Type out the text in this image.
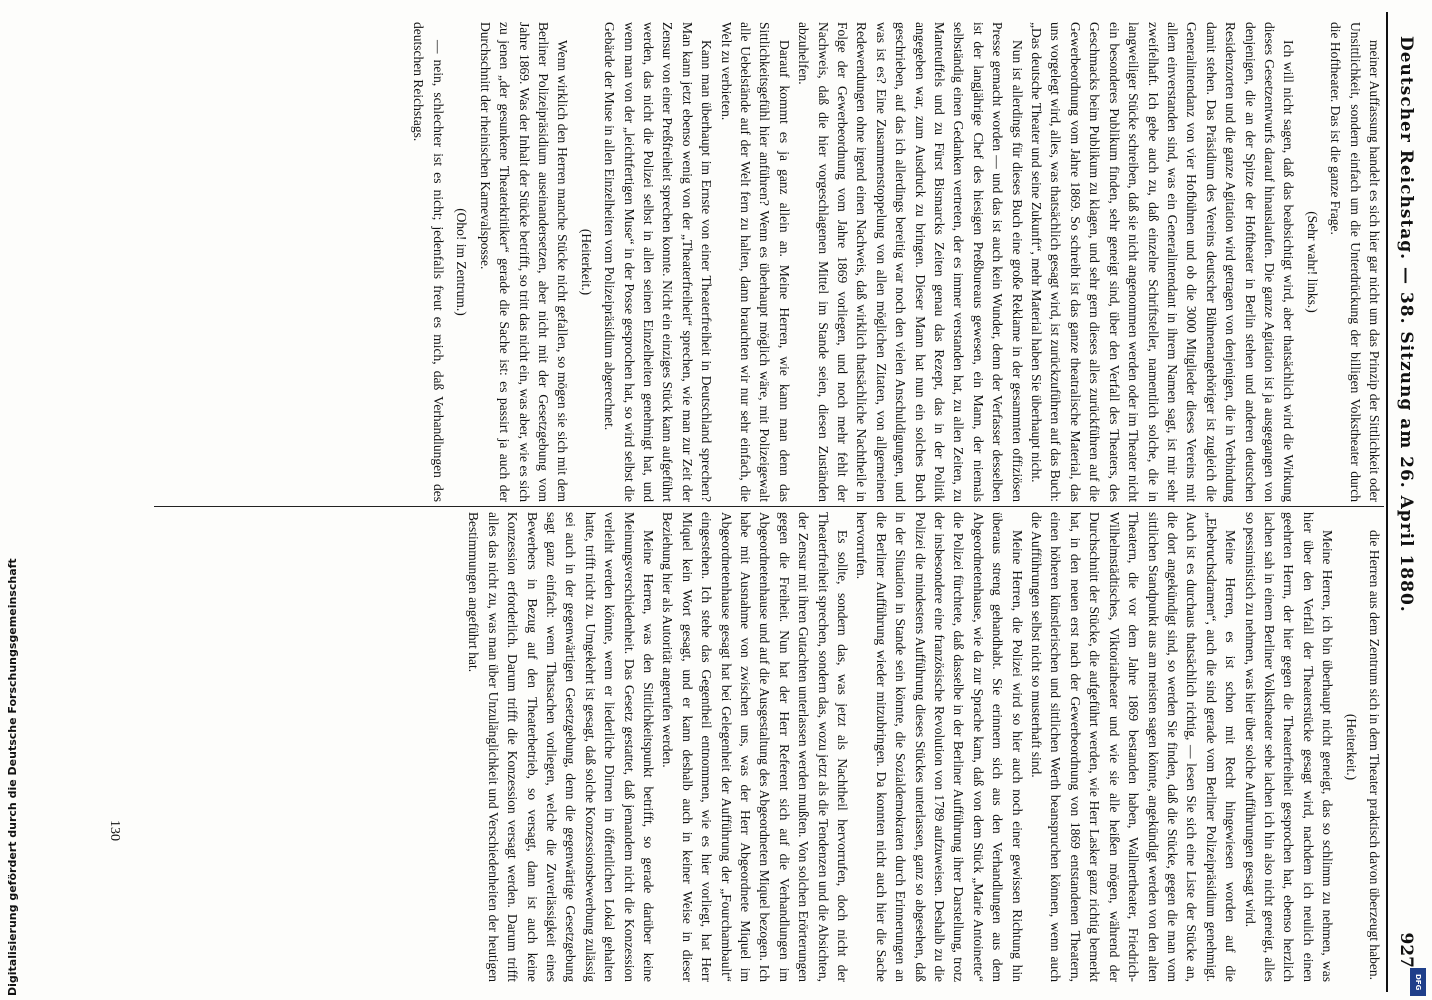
Deutscher Reichstag. — 38. Sitzung am 26. April 1880.
927

meiner Auffassung handelt es sich hier gar nicht um das Prinzip der Sittlichkeit oder Unsittlichkeit, sondern einfach um die Unterdrückung der billigen Volkstheater durch die Hoftheater. Das ist die ganze Frage.

(Sehr wahr! links.)

Ich will nicht sagen, daß das beabsichtigt wird, aber thatsächlich wird die Wirkung dieses Gesetzentwurfs darauf hinauslaufen. Die ganze Agitation ist ja ausgegangen von denjenigen, die an der Spitze der Hoftheater in Berlin stehen und anderen deutschen Residenzorten und die ganze Agitation wird getragen von denjenigen, die in Verbindung damit stehen. Das Präsidium des Vereins deutscher Bühnenangehöriger ist zugleich die Generalintendanz von vier Hofbühnen und ob die 3000 Mitglieder dieses Vereins mit allem einverstanden sind, was ein Generalintendant in ihrem Namen sagt, ist mir sehr zweifelhaft. Ich gebe auch zu, daß einzelne Schriftsteller, namentlich solche, die in langweiliger Stücke schreiben, daß sie nicht angenommen werden oder im Theater nicht ein besonderes Publikum finden, sehr geneigt sind, über den Verfall des Theaters, des Geschmacks beim Publikum zu klagen, und sehr gern dieses alles zurückführen auf die Gewerbeordnung vom Jahre 1869. So schreibt ist das ganze theatralische Material, das uns vorgelegt wird, alles, was thatsächlich gesagt wird, ist zurückzuführen auf das Buch: „Das deutsche Theater und seine Zukunft“, mehr Material haben Sie überhaupt nicht.

Nun ist allerdings für dieses Buch eine große Reklame in der gesammten offiziösen Presse gemacht worden — und das ist auch kein Wunder, denn der Verfasser desselben ist der langjährige Chef des hiesigen Preßbureaus gewesen, ein Mann, der niemals selbständig einen Gedanken vertreten, der es immer verstanden hat, zu allen Zeiten, zu Manteuffels und zu Fürst Bismarcks Zeiten genau das Rezept, das in der Politik angegeben war, zum Ausdruck zu bringen. Dieser Mann hat nun ein solches Buch geschrieben, auf das ich allerdings bereitig war noch den vielen Anschuldigungen, und was ist es? Eine Zusammenstoppelung von allen möglichen Zitaten, von allgemeinen Redewendungen ohne irgend einen Nachweis, daß wirklich thatsächliche Nachtheile in Folge der Gewerbeordnung vom Jahre 1869 vorliegen, und noch mehr fehlt der Nachweis, daß die hier vorgeschlagenen Mittel im Stande seien, diesen Zuständen abzuhelfen.

Darauf kommt es ja ganz allein an. Meine Herren, wie kann man denn das Sittlichkeitsgefühl hier anführen? Wenn es überhaupt möglich wäre, mit Polizeigewalt alle Uebelstände auf der Welt fern zu halten, dann brauchten wir nur sehr einfach, die Welt zu verbieten.

Kann man überhaupt im Ernste von einer Theaterfreiheit in Deutschland sprechen? Man kann jetzt ebenso wenig von der „Theaterfreiheit“ sprechen, wie man zur Zeit der Zensur von einer Preßfreiheit sprechen konnte. Nicht ein einziges Stück kann aufgeführt werden, das nicht die Polizei selbst in allen seinen Einzelheiten genehmigt hat, und wenn man von der „leichtfertigen Muse“ in der Posse gesprochen hat, so wird selbst die Gebärde der Muse in allen Einzelheiten vom Polizeipräsidium abgerechnet.

(Heiterkeit.)

Wenn wirklich den Herren manche Stücke nicht gefallen, so mögen sie sich mit dem Berliner Polizeipräsidium auseinandersetzen, aber nicht mit der Gesetzgebung vom Jahre 1869. Was der Inhalt der Stücke betrifft, so tritt das nicht ein, was aber, wie es sich zu jenen „der gesunkene Theaterkritiker“ gerade die Sache ist: es passirt ja auch der Durchschnitt der rheinischen Karnevalsposse.

(Oho! im Zentrum.)

— nein, schlechter ist es nicht; jedenfalls freut es mich, daß Verhandlungen des deutschen Reichstags.

die Herren aus dem Zentrum sich in dem Theater praktisch davon überzeugt haben.

(Heiterkeit.)

Meine Herren, ich bin überhaupt nicht geneigt, das so schlimm zu nehmen, was hier über den Verfall der Theaterstücke gesagt wird, nachdem ich neulich einen geehrten Herrn, der hier gegen die Theaterfreiheit gesprochen hat, ebenso herzlich lachen sah in einem Berliner Volkstheater sehe lachen ich hin also nicht geneigt, alles so pessimistisch zu nehmen, was hier über solche Aufführungen gesagt wird.

Meine Herren, es ist schon mit Recht hingewiesen worden auf die „Ehebruchsdramen“, auch die sind gerade vom Berliner Polizeipräsidium genehmigt. Auch ist es durchaus thatsächlich richtig, — lesen Sie sich eine Liste der Stücke an, die dort angekündigt sind, so werden Sie finden, daß die Stücke, gegen die man vom sittlichen Standpunkt aus am meisten sagen könnte, angekündigt werden von den alten Theatern, die vor dem Jahre 1869 bestanden haben, Wallnertheater, Friedrich-Wilhelmstädtisches, Viktoriatheater und wie sie alle heißen mögen, während der Durchschnitt der Stücke, die aufgeführt werden, wie Herr Lasker ganz richtig bemerkt hat, in den neuen erst nach der Gewerbeordnung von 1869 entstandenen Theatern, einen höheren künstlerischen und sittlichen Werth beanspruchen können, wenn auch die Aufführungen selbst nicht so musterhaft sind.

Meine Herren, die Polizei wird so hier auch noch einer gewissen Richtung hin überaus streng gehandhabt. Sie erinnern sich aus den Verhandlungen aus dem Abgeordnetenhause, wie da zur Sprache kam, daß von dem Stück „Marie Antoinette“ die Polizei fürchtete, daß dasselbe in der Berliner Aufführung ihrer Darstellung, trotz der insbesondere eine französische Revolution von 1789 aufzuweisen. Deshalb zu die Polizei die mindestens Aufführung dieses Stückes unterlassen, ganz so abgesehen, daß in der Situation in Stande sein könnte, die Sozialdemokraten durch Erinnerungen an die Berliner Aufführung wieder mitzubringen. Da konnten nicht auch hier die Sache hervorrufen.

Es sollte, sondern das, was jetzt als Nachtheil hervorrufen, doch nicht der Theaterfreiheit sprechen, sondern das, wozu jetzt als die Tendenzen und die Absichten, der Zensur mit ihren Gutachten unterlassen werden mußten. Von solchen Erörterungen gegen die Freiheit. Nun hat der Herr Referent sich auf die Verhandlungen im Abgeordnetenhause und auf die Ausgestaltung des Abgeordneten Miquel bezogen. Ich habe mit Ausnahme von zwischen uns, was der Herr Abgeordnete Miquel im Abgeordnetenhause gesagt hat bei Gelegenheit der Aufführung der „Fourchambault“ eingestehen. Ich stehe das Gegentheil entnommen, wie es hier vorliegt, hat Herr Miquel kein Wort gesagt, und er kann deshalb auch in keiner Weise in dieser Beziehung hier als Autorität angerufen werden.

Meine Herren, was den Sittlichkeitspunkt betrifft, so gerade darüber keine Meinungsverschiedenheit. Das Gesetz gestattet, daß jemandem nicht die Konzession verleiht werden könnte, wenn er liederliche Dirnen im öffentlichen Lokal gehalten hatte, trifft nicht zu. Umgekehrt ist gesagt, daß solche Konzessionsbewerbung zulässig sei auch in der gegenwärtigen Gesetzgebung, denn die gegenwärtige Gesetzgebung sagt ganz einfach: wenn Thatsachen vorliegen, welche die Zuverlässigkeit eines Bewerbers in Bezug auf den Theaterbetrieb, so versagt, dann ist auch keine Konzession erforderlich. Darum trifft die Konzession versagt werden. Darum trifft alles das nicht zu, was man über Unzulänglichkeit und Verschiedenheiten der heutigen Bestimmungen angeführt hat.

130
Digitalisierung gefördert durch die Deutsche Forschungsgemeinschaft	DFG
